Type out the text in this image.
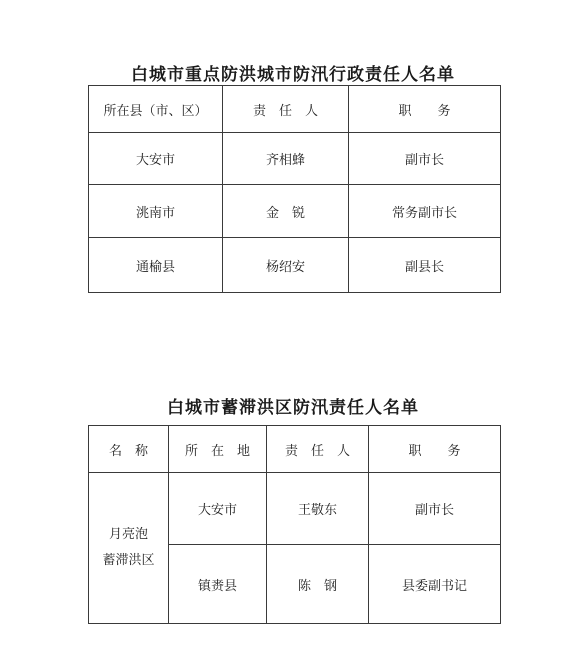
白城市重点防洪城市防汛行政责任人名单
所在县（市、区）	责　任　人	职　　务
大安市	齐相蜂	副市长
洮南市	金　锐	常务副市长
通榆县	杨绍安	副县长
白城市蓄滞洪区防汛责任人名单
名　称	所　在　地	责　任　人	职　　务

月亮泡
蓄滞洪区	大安市	王敬东	副市长
	镇赉县	陈　钢	县委副书记
